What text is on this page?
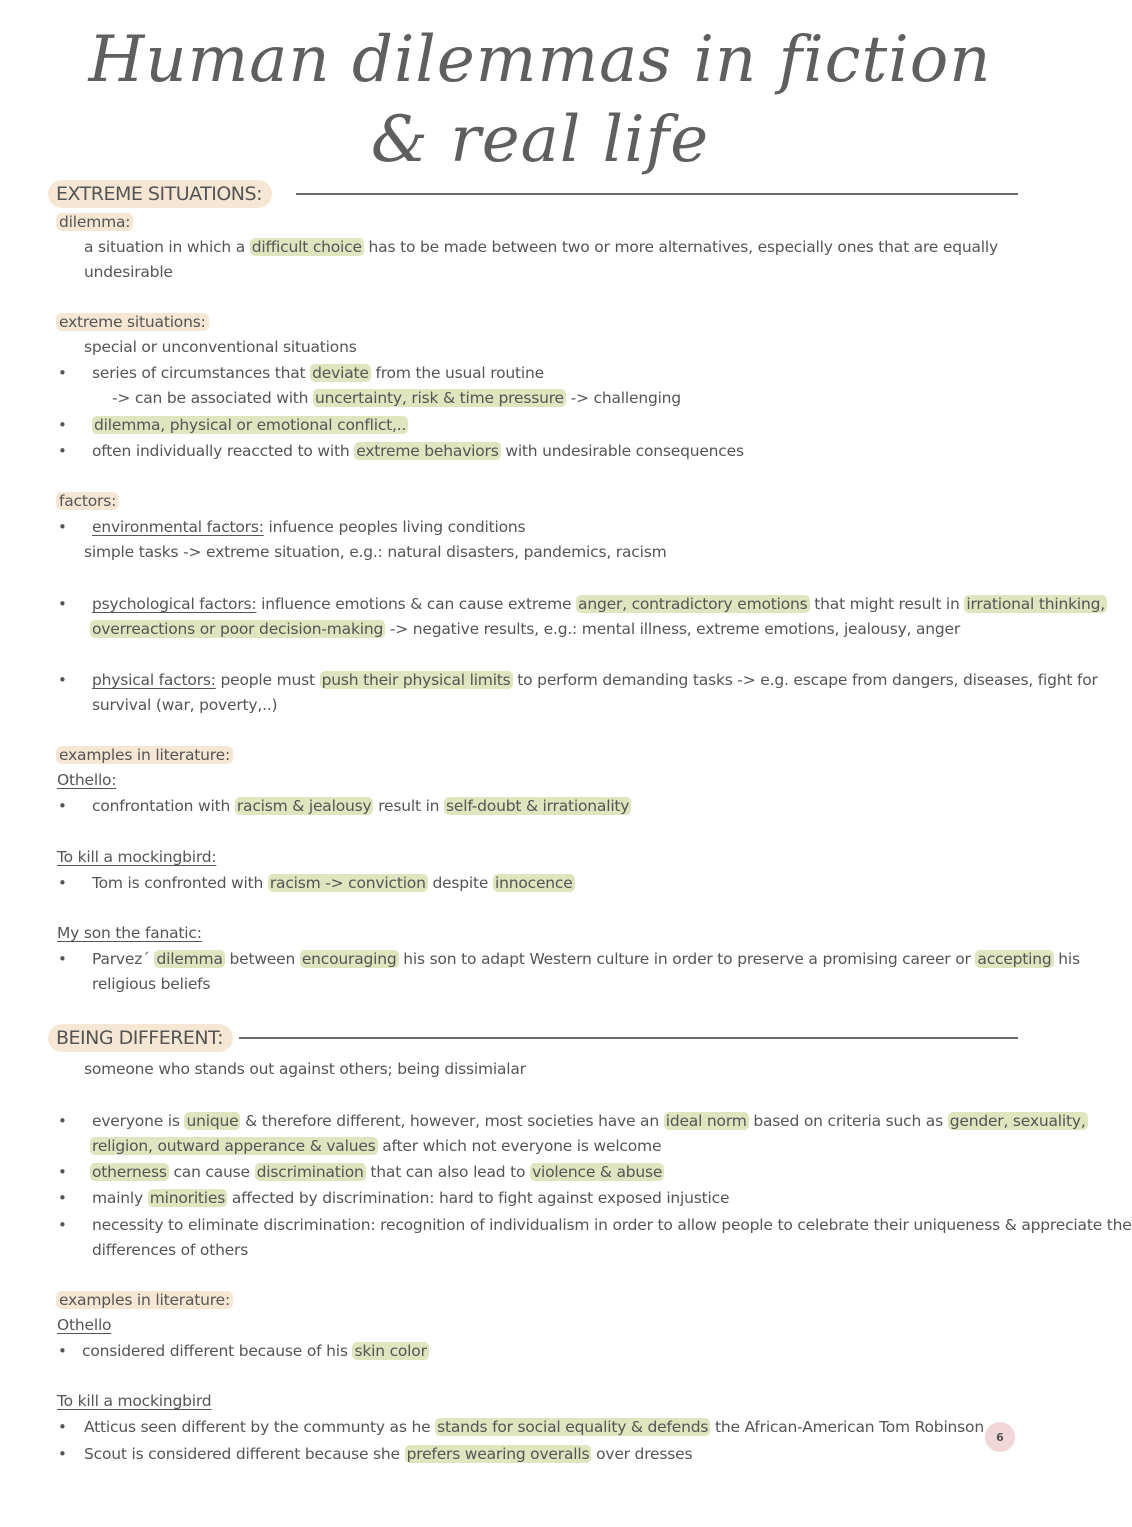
Human dilemmas in fiction
& real life
EXTREME SITUATIONS:
dilemma:
a situation in which a difficult choice has to be made between two or more alternatives, especially ones that are equally
undesirable
extreme situations:
special or unconventional situations
• series of circumstances that deviate from the usual routine
-> can be associated with uncertainty, risk & time pressure -> challenging
• dilemma, physical or emotional conflict,..
• often individually reaccted to with extreme behaviors with undesirable consequences
factors:
• environmental factors: infuence peoples living conditions
simple tasks -> extreme situation, e.g.: natural disasters, pandemics, racism
• psychological factors: influence emotions & can cause extreme anger, contradictory emotions that might result in irrational thinking,
overreactions or poor decision-making -> negative results, e.g.: mental illness, extreme emotions, jealousy, anger
• physical factors: people must push their physical limits to perform demanding tasks -> e.g. escape from dangers, diseases, fight for
survival (war, poverty,..)
examples in literature:
Othello:
• confrontation with racism & jealousy result in self-doubt & irrationality
To kill a mockingbird:
• Tom is confronted with racism -> conviction despite innocence
My son the fanatic:
• Parvez´ dilemma between encouraging his son to adapt Western culture in order to preserve a promising career or accepting his
religious beliefs
BEING DIFFERENT:
someone who stands out against others; being dissimialar
• everyone is unique & therefore different, however, most societies have an ideal norm based on criteria such as gender, sexuality,
religion, outward apperance & values after which not everyone is welcome
• otherness can cause discrimination that can also lead to violence & abuse
• mainly minorities affected by discrimination: hard to fight against exposed injustice
• necessity to eliminate discrimination: recognition of individualism in order to allow people to celebrate their uniqueness & appreciate the
differences of others
examples in literature:
Othello
• considered different because of his skin color
To kill a mockingbird
• Atticus seen different by the communty as he stands for social equality & defends the African-American Tom Robinson
• Scout is considered different because she prefers wearing overalls over dresses
6
